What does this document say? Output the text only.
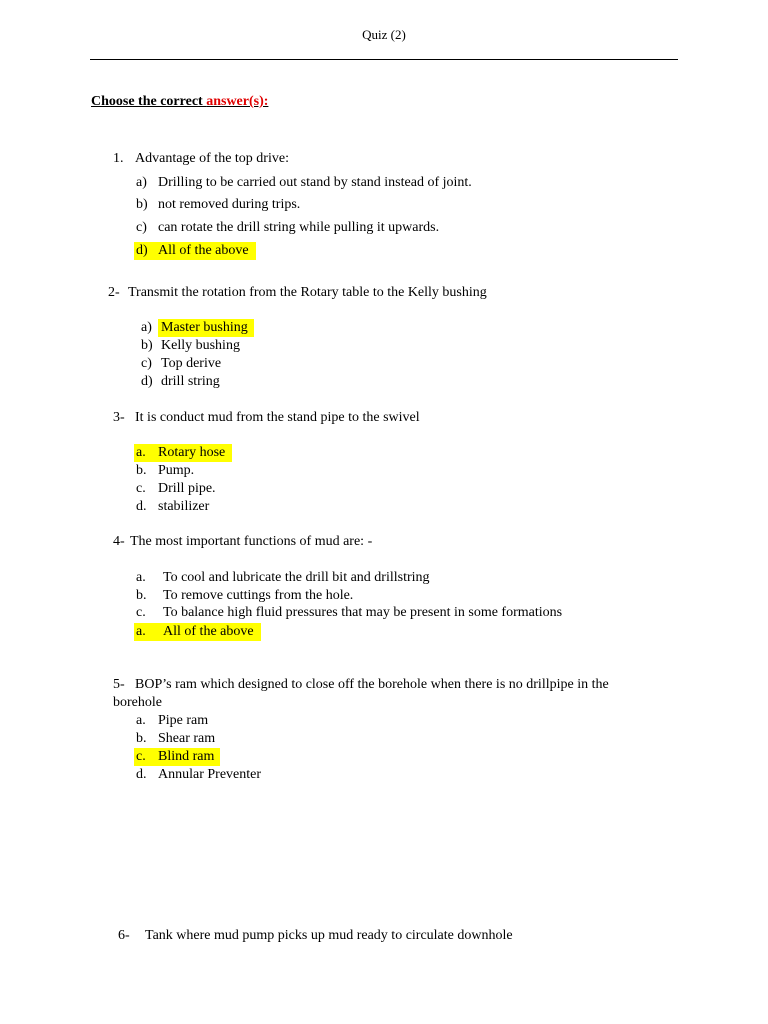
Quiz (2)
Choose the correct answer(s):
1. Advantage of the top drive:
a) Drilling to be carried out stand by stand instead of joint.
b) not removed during trips.
c) can rotate the drill string while pulling it upwards.
d) All of the above
2- Transmit the rotation from the Rotary table to the Kelly bushing
a) Master bushing
b) Kelly bushing
c) Top derive
d) drill string
3- It is conduct mud from the stand pipe to the swivel
a. Rotary hose
b. Pump.
c. Drill pipe.
d. stabilizer
4- The most important functions of mud are: -
a. To cool and lubricate the drill bit and drillstring
b. To remove cuttings from the hole.
c. To balance high fluid pressures that may be present in some formations
a. All of the above
5- BOP’s ram which designed to close off the borehole when there is no drillpipe in the
borehole
a. Pipe ram
b. Shear ram
c. Blind ram
d. Annular Preventer
6- Tank where mud pump picks up mud ready to circulate downhole
